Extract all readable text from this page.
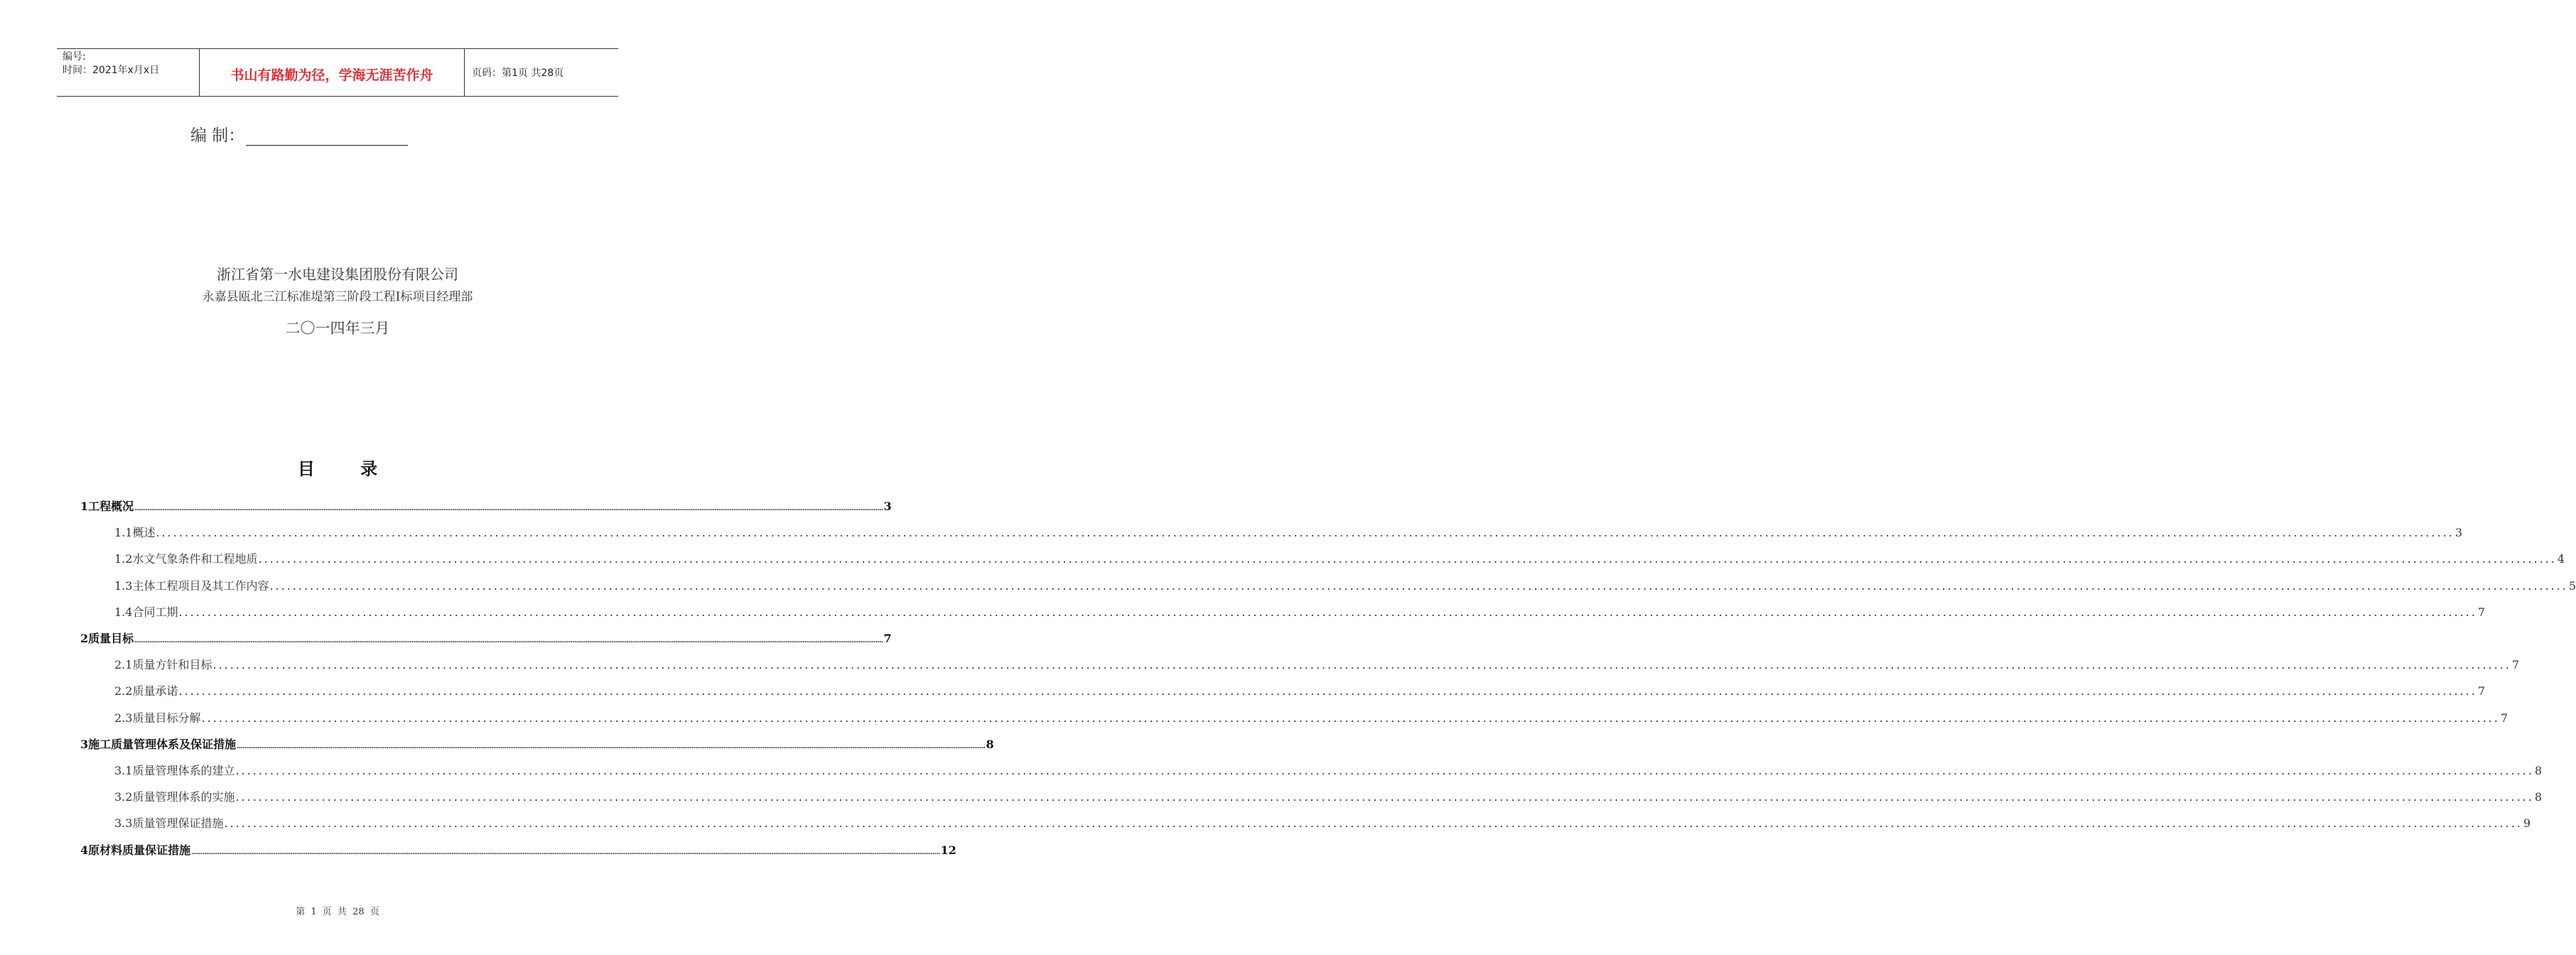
编号:
时间：2021年x月x日	书山有路勤为径，学海无涯苦作舟	页码：第1页 共28页
编 制：
浙江省第一水电建设集团股份有限公司
永嘉县瓯北三江标准堤第三阶段工程Ⅰ标项目经理部
二〇一四年三月
目 录
1工程概况 ................................................................................................................................................................................................................................................................................................................................................................................................................ 3
1.1概述 ................................................................................................................................................................................................................................................................................................................................................................................................................ 3
1.2水文气象条件和工程地质 ................................................................................................................................................................................................................................................................................................................................................................................................................ 4
1.3主体工程项目及其工作内容 ................................................................................................................................................................................................................................................................................................................................................................................................................ 5
1.4合同工期 ................................................................................................................................................................................................................................................................................................................................................................................................................ 7
2质量目标 ................................................................................................................................................................................................................................................................................................................................................................................................................ 7
2.1质量方针和目标 ................................................................................................................................................................................................................................................................................................................................................................................................................ 7
2.2质量承诺 ................................................................................................................................................................................................................................................................................................................................................................................................................ 7
2.3质量目标分解 ................................................................................................................................................................................................................................................................................................................................................................................................................ 7
3施工质量管理体系及保证措施 ................................................................................................................................................................................................................................................................................................................................................................................................................ 8
3.1质量管理体系的建立 ................................................................................................................................................................................................................................................................................................................................................................................................................ 8
3.2质量管理体系的实施 ................................................................................................................................................................................................................................................................................................................................................................................................................ 8
3.3质量管理保证措施 ................................................................................................................................................................................................................................................................................................................................................................................................................ 9
4原材料质量保证措施 ................................................................................................................................................................................................................................................................................................................................................................................................................ 12
第 1 页 共 28 页
